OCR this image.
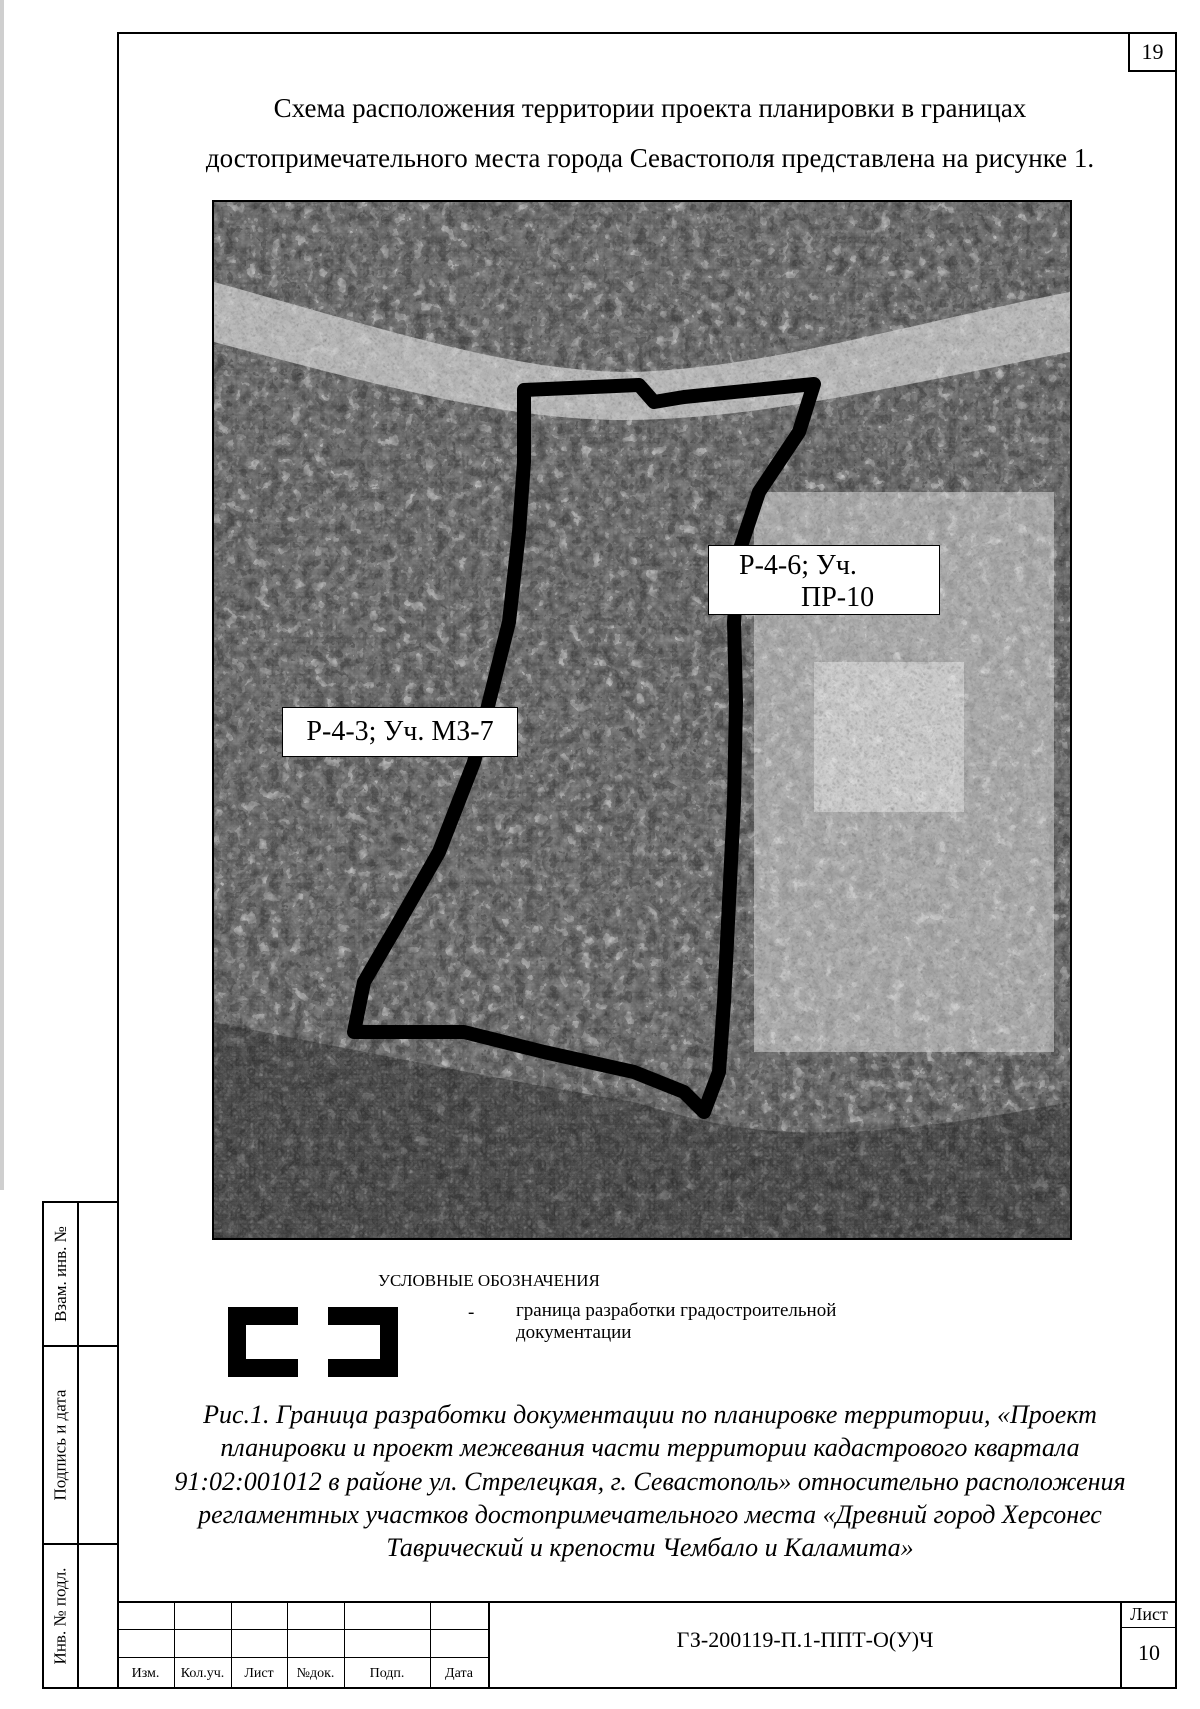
19
Схема расположения территории проекта планировки в границах
достопримечательного места города Севастополя представлена на рисунке 1.
Р-4-6; Уч.
ПР-10
Р-4-3; Уч. МЗ-7
УСЛОВНЫЕ ОБОЗНАЧЕНИЯ
- граница разработки градостроительной документации
Рис.1. Граница разработки документации по планировке территории, «Проект планировки и проект межевания части территории кадастрового квартала 91:02:001012 в районе ул. Стрелецкая, г. Севастополь» относительно расположения регламентных участков достопримечательного места «Древний город Херсонес Таврический и крепости Чембало и Каламита»
Взам. инв. №
Подпись и дата
Инв. № подл.
Изм.	Кол.уч.	Лист	№док.	Подп.	Дата
ГЗ-200119-П.1-ППТ-О(У)Ч
Лист
10
